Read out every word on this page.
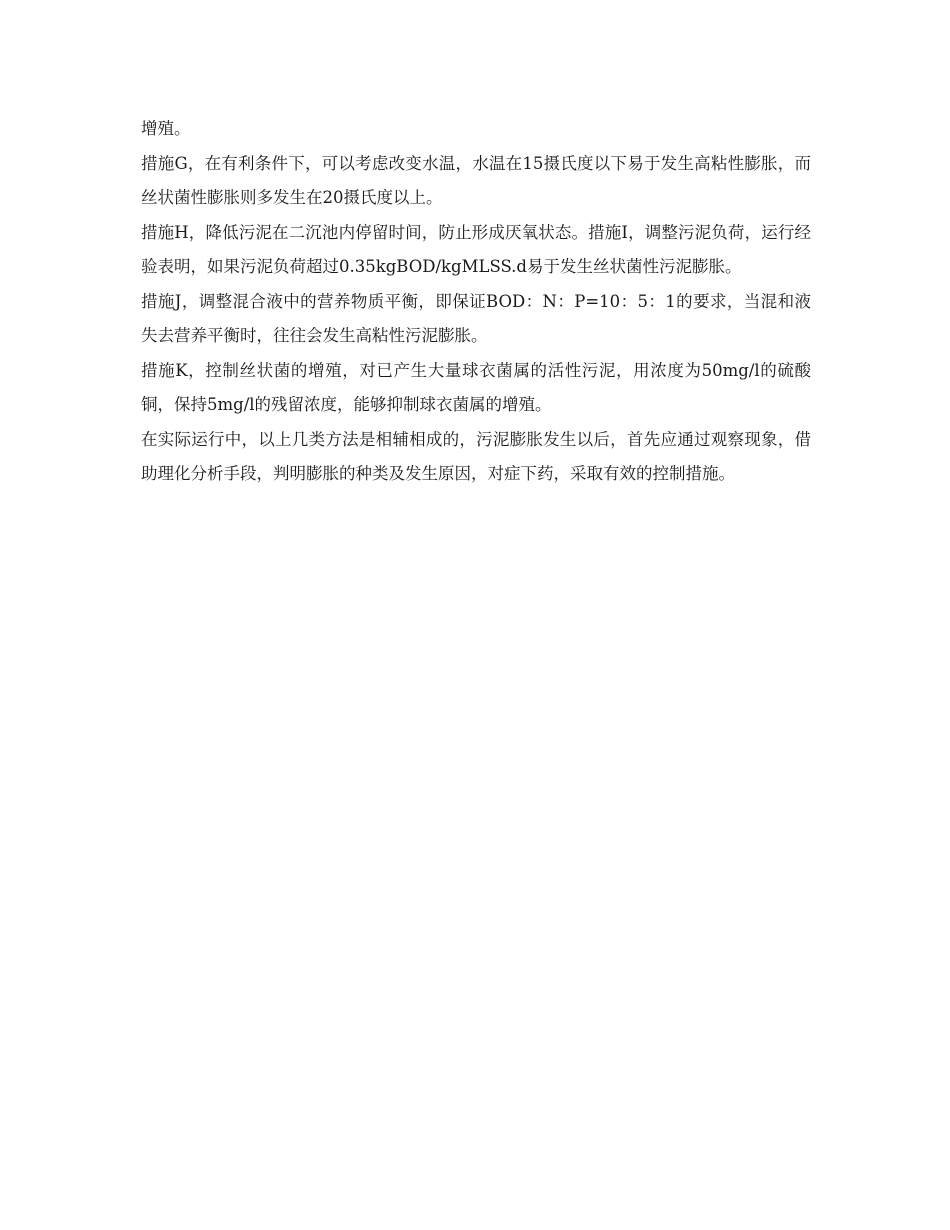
增殖。

措施G，在有利条件下，可以考虑改变水温，水温在15摄氏度以下易于发生高粘性膨胀，而丝状菌性膨胀则多发生在20摄氏度以上。

措施H，降低污泥在二沉池内停留时间，防止形成厌氧状态。措施I，调整污泥负荷，运行经验表明，如果污泥负荷超过0.35kgBOD/kgMLSS.d易于发生丝状菌性污泥膨胀。

措施J，调整混合液中的营养物质平衡，即保证BOD：N：P=10：5：1的要求，当混和液失去营养平衡时，往往会发生高粘性污泥膨胀。

措施K，控制丝状菌的增殖，对已产生大量球衣菌属的活性污泥，用浓度为50mg/l的硫酸铜，保持5mg/l的残留浓度，能够抑制球衣菌属的增殖。

在实际运行中，以上几类方法是相辅相成的，污泥膨胀发生以后，首先应通过观察现象，借助理化分析手段，判明膨胀的种类及发生原因，对症下药，采取有效的控制措施。
